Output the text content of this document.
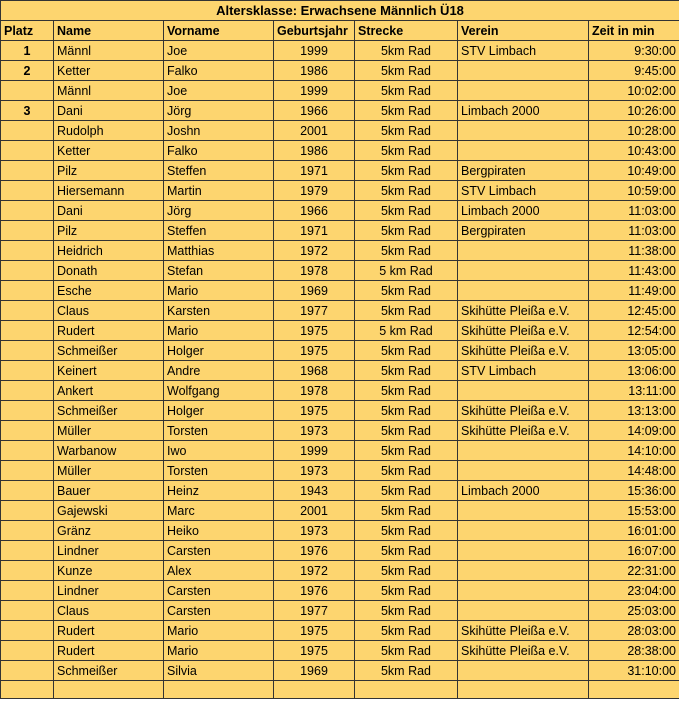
Altersklasse: Erwachsene Männlich Ü18						
Platz	Name	Vorname	Geburtsjahr	Strecke	Verein	Zeit in min
1	Männl	Joe	1999	5km Rad	STV Limbach	9:30:00
2	Ketter	Falko	1986	5km Rad		9:45:00
	Männl	Joe	1999	5km Rad		10:02:00
3	Dani	Jörg	1966	5km Rad	Limbach 2000	10:26:00
	Rudolph	Joshn	2001	5km Rad		10:28:00
	Ketter	Falko	1986	5km Rad		10:43:00
	Pilz	Steffen	1971	5km Rad	Bergpiraten	10:49:00
	Hiersemann	Martin	1979	5km Rad	STV Limbach	10:59:00
	Dani	Jörg	1966	5km Rad	Limbach 2000	11:03:00
	Pilz	Steffen	1971	5km Rad	Bergpiraten	11:03:00
	Heidrich	Matthias	1972	5km Rad		11:38:00
	Donath	Stefan	1978	5 km Rad		11:43:00
	Esche	Mario	1969	5km Rad		11:49:00
	Claus	Karsten	1977	5km Rad	Skihütte Pleißa e.V.	12:45:00
	Rudert	Mario	1975	5 km Rad	Skihütte Pleißa e.V.	12:54:00
	Schmeißer	Holger	1975	5km Rad	Skihütte Pleißa e.V.	13:05:00
	Keinert	Andre	1968	5km Rad	STV Limbach	13:06:00
	Ankert	Wolfgang	1978	5km Rad		13:11:00
	Schmeißer	Holger	1975	5km Rad	Skihütte Pleißa e.V.	13:13:00
	Müller	Torsten	1973	5km Rad	Skihütte Pleißa e.V.	14:09:00
	Warbanow	Iwo	1999	5km Rad		14:10:00
	Müller	Torsten	1973	5km Rad		14:48:00
	Bauer	Heinz	1943	5km Rad	Limbach 2000	15:36:00
	Gajewski	Marc	2001	5km Rad		15:53:00
	Gränz	Heiko	1973	5km Rad		16:01:00
	Lindner	Carsten	1976	5km Rad		16:07:00
	Kunze	Alex	1972	5km Rad		22:31:00
	Lindner	Carsten	1976	5km Rad		23:04:00
	Claus	Carsten	1977	5km Rad		25:03:00
	Rudert	Mario	1975	5km Rad	Skihütte Pleißa e.V.	28:03:00
	Rudert	Mario	1975	5km Rad	Skihütte Pleißa e.V.	28:38:00
	Schmeißer	Silvia	1969	5km Rad		31:10:00
